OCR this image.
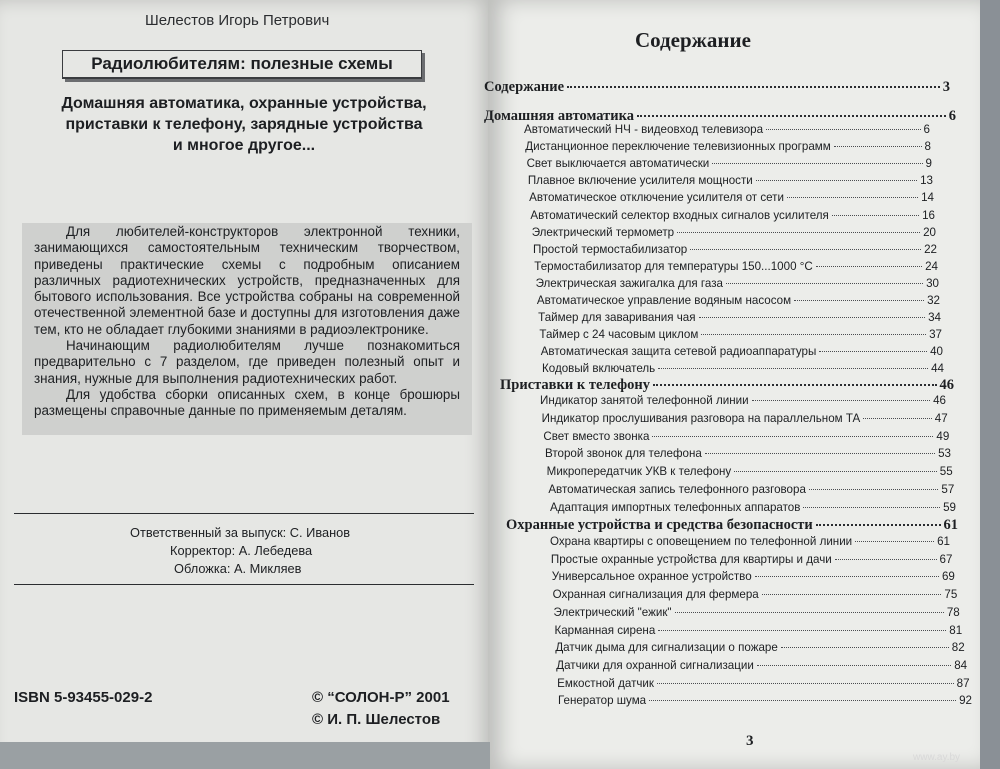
Шелестов Игорь Петрович
Радиолюбителям: полезные схемы
Домашняя автоматика, охранные устройства,
приставки к телефону, зарядные устройства
и многое другое...

Для любителей-конструкторов электронной техники, занимающихся самостоятельным техническим творчеством, приведены практические схемы с подробным описанием различных радиотехнических устройств, предназначенных для бытового использования. Все устройства собраны на современной отечественной элементной базе и доступны для изготовления даже тем, кто не обладает глубокими знаниями в радиоэлектронике.

Начинающим радиолюбителям лучше познакомиться предварительно с 7 разделом, где приведен полезный опыт и знания, нужные для выполнения радиотехнических работ.

Для удобства сборки описанных схем, в конце брошюры размещены справочные данные по применяемым деталям.

Ответственный за выпуск: С. Иванов
Корректор: А. Лебедева
Обложка: А. Микляев
ISBN 5-93455-029-2	© “СОЛОН-Р” 2001
© И. П. Шелестов
Содержание
Содержание	3
Домашняя автоматика	6
Автоматический НЧ - видеовход телевизора	6
Дистанционное переключение телевизионных программ	8
Свет выключается автоматически	9
Плавное включение усилителя мощности	13
Автоматическое отключение усилителя от сети	14
Автоматический селектор входных сигналов усилителя	16
Электрический термометр	20
Простой термостабилизатор	22
Термостабилизатор для температуры 150...1000 °С	24
Электрическая зажигалка для газа	30
Автоматическое управление водяным насосом	32
Таймер для заваривания чая	34
Таймер с 24 часовым циклом	37
Автоматическая защита сетевой радиоаппаратуры	40
Кодовый включатель	44
Приставки к телефону	46
Индикатор занятой телефонной линии	46
Индикатор прослушивания разговора на параллельном ТА	47
Свет вместо звонка	49
Второй звонок для телефона	53
Микропередатчик УКВ к телефону	55
Автоматическая запись телефонного разговора	57
Адаптация импортных телефонных аппаратов	59
Охранные устройства и средства безопасности	61
Охрана квартиры с оповещением по телефонной линии	61
Простые охранные устройства для квартиры и дачи	67
Универсальное охранное устройство	69
Охранная сигнализация для фермера	75
Электрический "ежик"	78
Карманная сирена	81
Датчик дыма для сигнализации о пожаре	82
Датчики для охранной сигнализации	84
Емкостной датчик	87
Генератор шума	92
3
www.ay.by
